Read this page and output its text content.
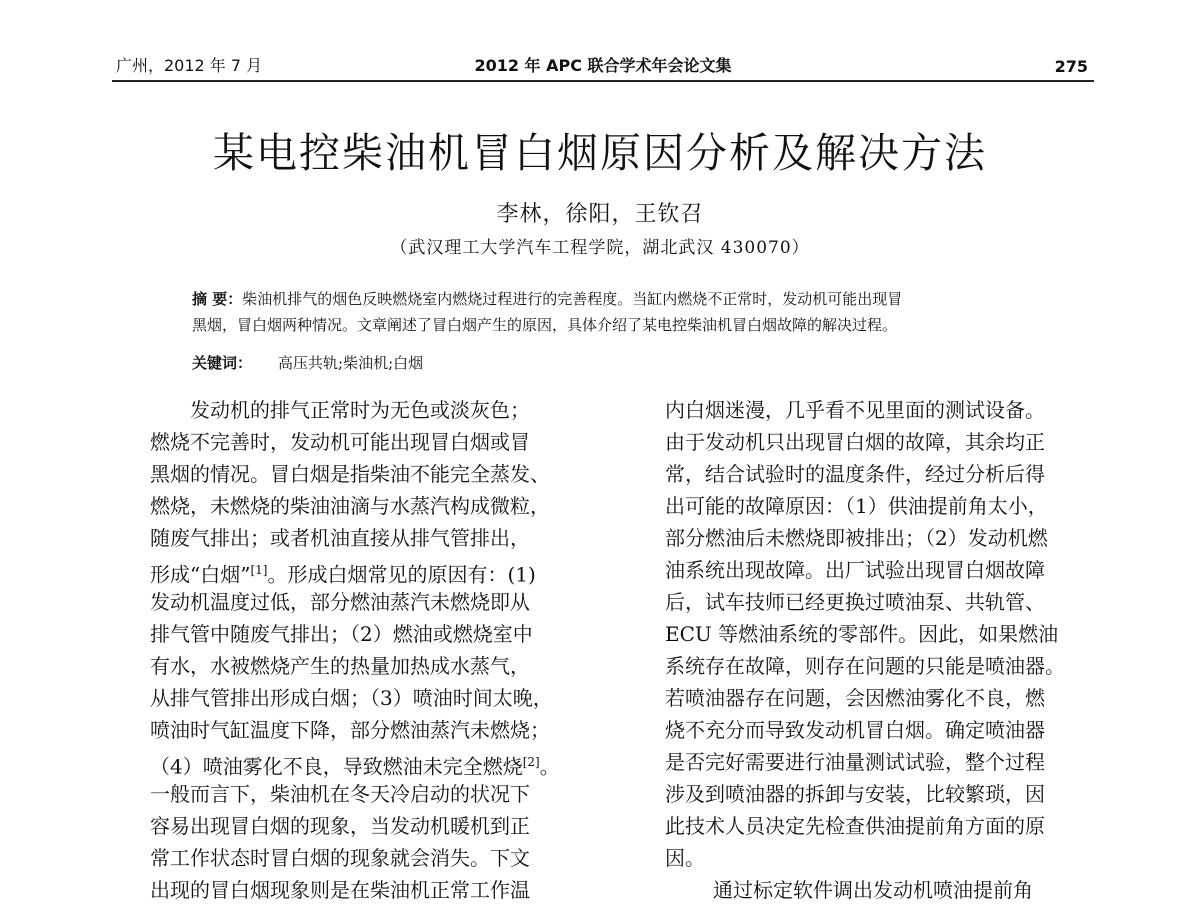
广州，2012 年 7 月	2012 年 APC 联合学术年会论文集	275
某电控柴油机冒白烟原因分析及解决方法
李林，徐阳，王钦召
（武汉理工大学汽车工程学院，湖北武汉 430070）
摘 要：柴油机排气的烟色反映燃烧室内燃烧过程进行的完善程度。当缸内燃烧不正常时，发动机可能出现冒
黑烟，冒白烟两种情况。文章阐述了冒白烟产生的原因，具体介绍了某电控柴油机冒白烟故障的解决过程。
关键词： 高压共轨;柴油机;白烟
发动机的排气正常时为无色或淡灰色；
燃烧不完善时，发动机可能出现冒白烟或冒
黑烟的情况。冒白烟是指柴油不能完全蒸发、
燃烧，未燃烧的柴油油滴与水蒸汽构成微粒，
随废气排出；或者机油直接从排气管排出，
形成“白烟”[1]。形成白烟常见的原因有：(1)
发动机温度过低，部分燃油蒸汽未燃烧即从
排气管中随废气排出；（2）燃油或燃烧室中
有水，水被燃烧产生的热量加热成水蒸气，
从排气管排出形成白烟；（3）喷油时间太晚，
喷油时气缸温度下降，部分燃油蒸汽未燃烧；
（4）喷油雾化不良，导致燃油未完全燃烧[2]。
一般而言下，柴油机在冬天冷启动的状况下
容易出现冒白烟的现象，当发动机暖机到正
常工作状态时冒白烟的现象就会消失。下文
出现的冒白烟现象则是在柴油机正常工作温
内白烟迷漫，几乎看不见里面的测试设备。
由于发动机只出现冒白烟的故障，其余均正
常，结合试验时的温度条件，经过分析后得
出可能的故障原因：（1）供油提前角太小，
部分燃油后未燃烧即被排出；（2）发动机燃
油系统出现故障。出厂试验出现冒白烟故障
后，试车技师已经更换过喷油泵、共轨管、
ECU 等燃油系统的零部件。因此，如果燃油
系统存在故障，则存在问题的只能是喷油器。
若喷油器存在问题，会因燃油雾化不良，燃
烧不充分而导致发动机冒白烟。确定喷油器
是否完好需要进行油量测试试验，整个过程
涉及到喷油器的拆卸与安装，比较繁琐，因
此技术人员决定先检查供油提前角方面的原
因。
通过标定软件调出发动机喷油提前角
